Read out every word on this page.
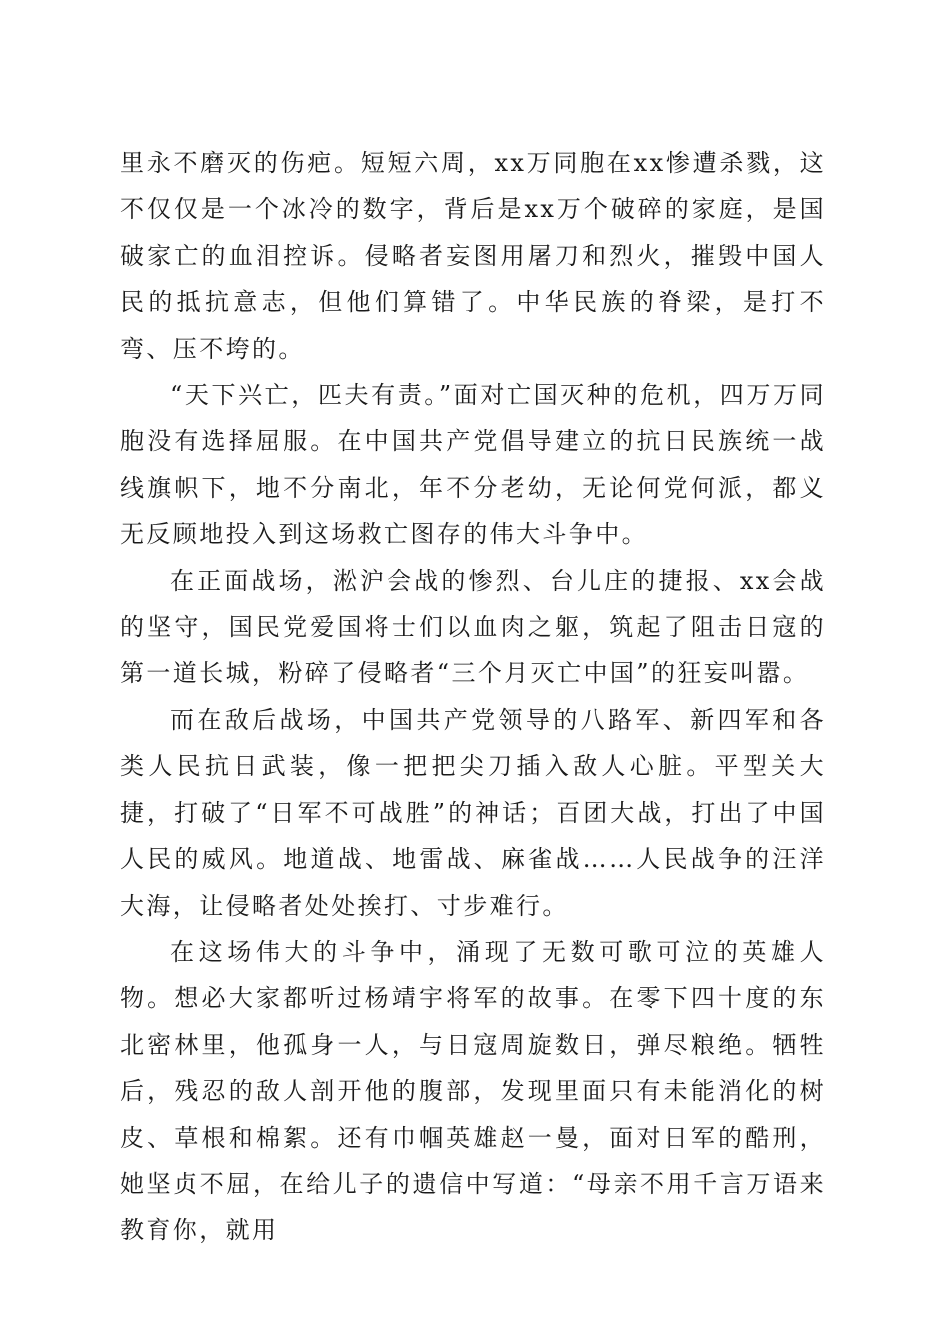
里永不磨灭的伤疤。短短六周，xx万同胞在xx惨遭杀戮，这不仅仅是一个冰冷的数字，背后是xx万个破碎的家庭，是国破家亡的血泪控诉。侵略者妄图用屠刀和烈火，摧毁中国人民的抵抗意志，但他们算错了。中华民族的脊梁，是打不弯、压不垮的。

“天下兴亡，匹夫有责。”面对亡国灭种的危机，四万万同胞没有选择屈服。在中国共产党倡导建立的抗日民族统一战线旗帜下，地不分南北，年不分老幼，无论何党何派，都义无反顾地投入到这场救亡图存的伟大斗争中。

在正面战场，淞沪会战的惨烈、台儿庄的捷报、xx会战的坚守，国民党爱国将士们以血肉之躯，筑起了阻击日寇的第一道长城，粉碎了侵略者“三个月灭亡中国”的狂妄叫嚣。

而在敌后战场，中国共产党领导的八路军、新四军和各类人民抗日武装，像一把把尖刀插入敌人心脏。平型关大捷，打破了“日军不可战胜”的神话；百团大战，打出了中国人民的威风。地道战、地雷战、麻雀战……人民战争的汪洋大海，让侵略者处处挨打、寸步难行。

在这场伟大的斗争中，涌现了无数可歌可泣的英雄人物。想必大家都听过杨靖宇将军的故事。在零下四十度的东北密林里，他孤身一人，与日寇周旋数日，弹尽粮绝。牺牲后，残忍的敌人剖开他的腹部，发现里面只有未能消化的树皮、草根和棉絮。还有巾帼英雄赵一曼，面对日军的酷刑，她坚贞不屈，在给儿子的遗信中写道：“母亲不用千言万语来教育你，就用
